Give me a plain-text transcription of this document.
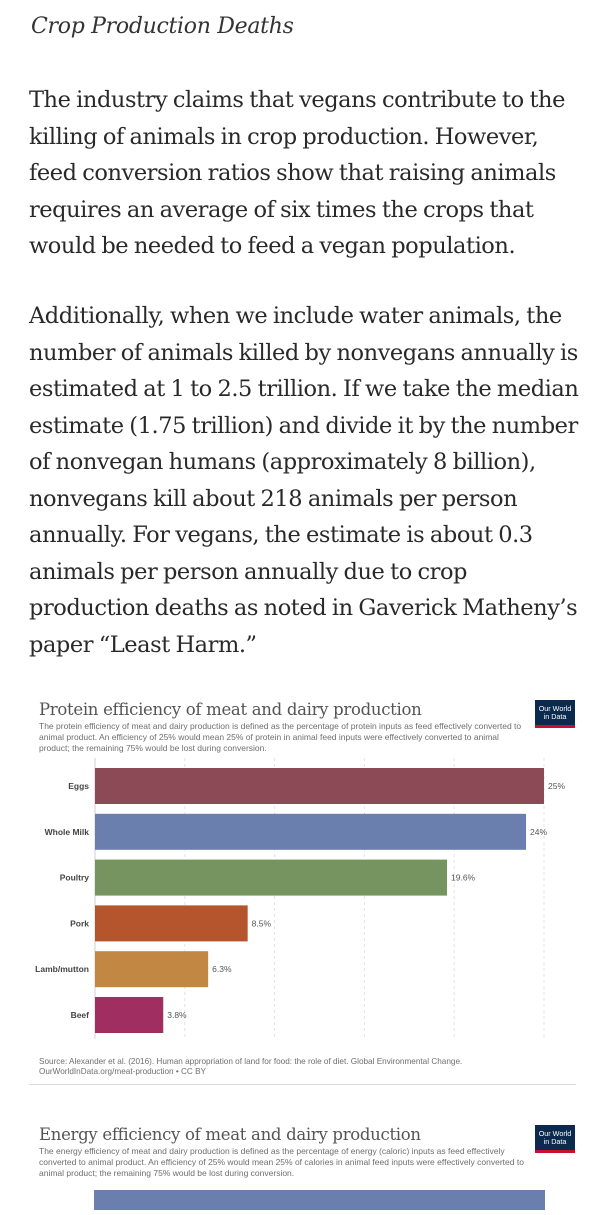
Crop Production Deaths
The industry claims that vegans contribute to the killing of animals in crop production. However, feed conversion ratios show that raising animals requires an average of six times the crops that would be needed to feed a vegan population.
Additionally, when we include water animals, the number of animals killed by nonvegans annually is estimated at 1 to 2.5 trillion. If we take the median estimate (1.75 trillion) and divide it by the number of nonvegan humans (approximately 8 billion), nonvegans kill about 218 animals per person annually. For vegans, the estimate is about 0.3 animals per person annually due to crop production deaths as noted in Gaverick Matheny’s paper “Least Harm.”
Protein efficiency of meat and dairy production
The protein efficiency of meat and dairy production is defined as the percentage of protein inputs as feed effectively converted to animal product. An efficiency of 25% would mean 25% of protein in animal feed inputs were effectively converted to animal product; the remaining 75% would be lost during conversion.
Our World in Data
Eggs	25%
Whole Milk	24%
Poultry	19.6%
Pork	8.5%
Lamb/mutton	6.3%
Beef	3.8%
Source: Alexander et al. (2016). Human appropriation of land for food: the role of diet. Global Environmental Change.
OurWorldInData.org/meat-production • CC BY
Energy efficiency of meat and dairy production
The energy efficiency of meat and dairy production is defined as the percentage of energy (caloric) inputs as feed effectively converted to animal product. An efficiency of 25% would mean 25% of calories in animal feed inputs were effectively converted to animal product; the remaining 75% would be lost during conversion.
Our World in Data
